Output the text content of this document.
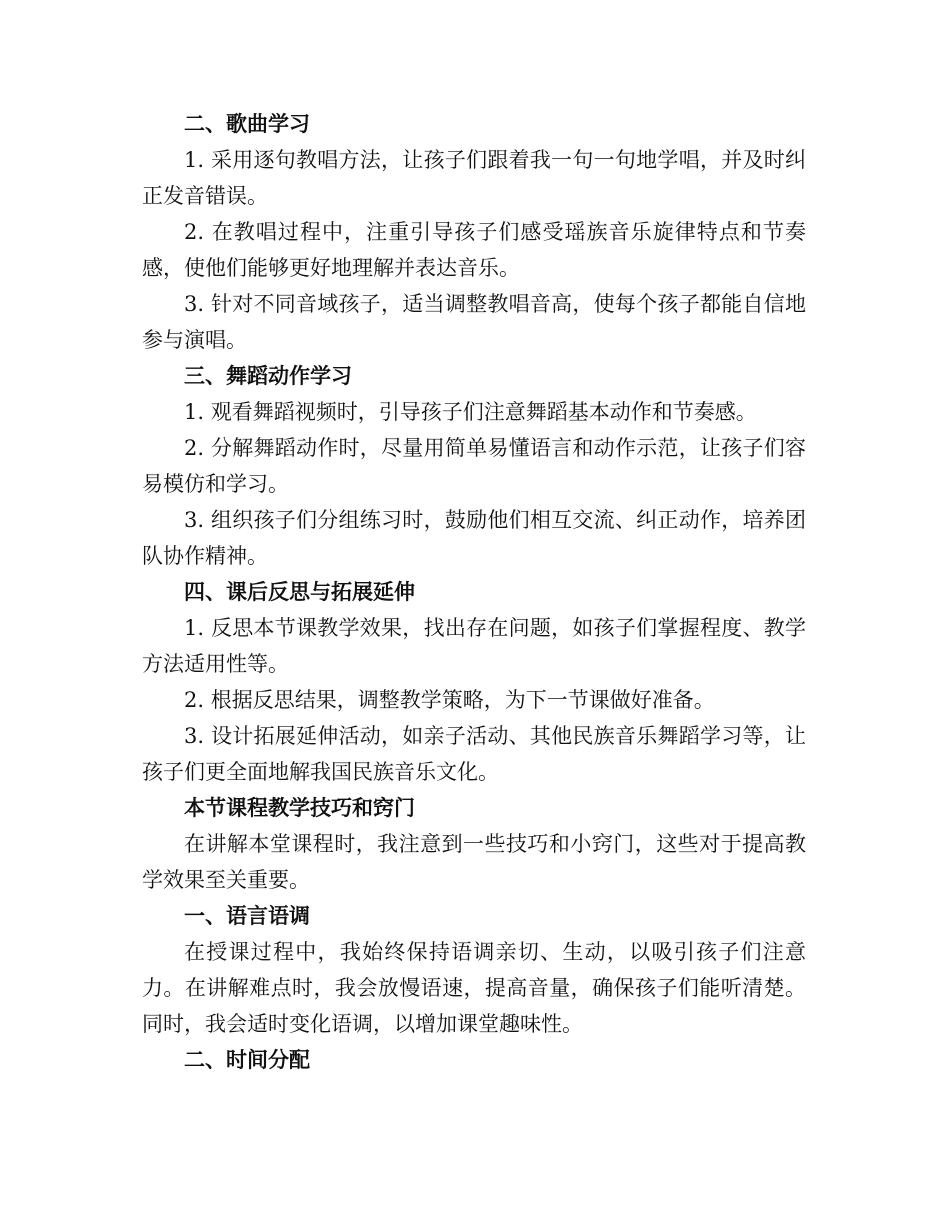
二、歌曲学习

1. 采用逐句教唱方法，让孩子们跟着我一句一句地学唱，并及时纠正发音错误。

2. 在教唱过程中，注重引导孩子们感受瑶族音乐旋律特点和节奏感，使他们能够更好地理解并表达音乐。

3. 针对不同音域孩子，适当调整教唱音高，使每个孩子都能自信地参与演唱。

三、舞蹈动作学习

1. 观看舞蹈视频时，引导孩子们注意舞蹈基本动作和节奏感。

2. 分解舞蹈动作时，尽量用简单易懂语言和动作示范，让孩子们容易模仿和学习。

3. 组织孩子们分组练习时，鼓励他们相互交流、纠正动作，培养团队协作精神。

四、课后反思与拓展延伸

1. 反思本节课教学效果，找出存在问题，如孩子们掌握程度、教学方法适用性等。

2. 根据反思结果，调整教学策略，为下一节课做好准备。

3. 设计拓展延伸活动，如亲子活动、其他民族音乐舞蹈学习等，让孩子们更全面地解我国民族音乐文化。

本节课程教学技巧和窍门

在讲解本堂课程时，我注意到一些技巧和小窍门，这些对于提高教学效果至关重要。

一、语言语调

在授课过程中，我始终保持语调亲切、生动，以吸引孩子们注意力。在讲解难点时，我会放慢语速，提高音量，确保孩子们能听清楚。同时，我会适时变化语调，以增加课堂趣味性。

二、时间分配
